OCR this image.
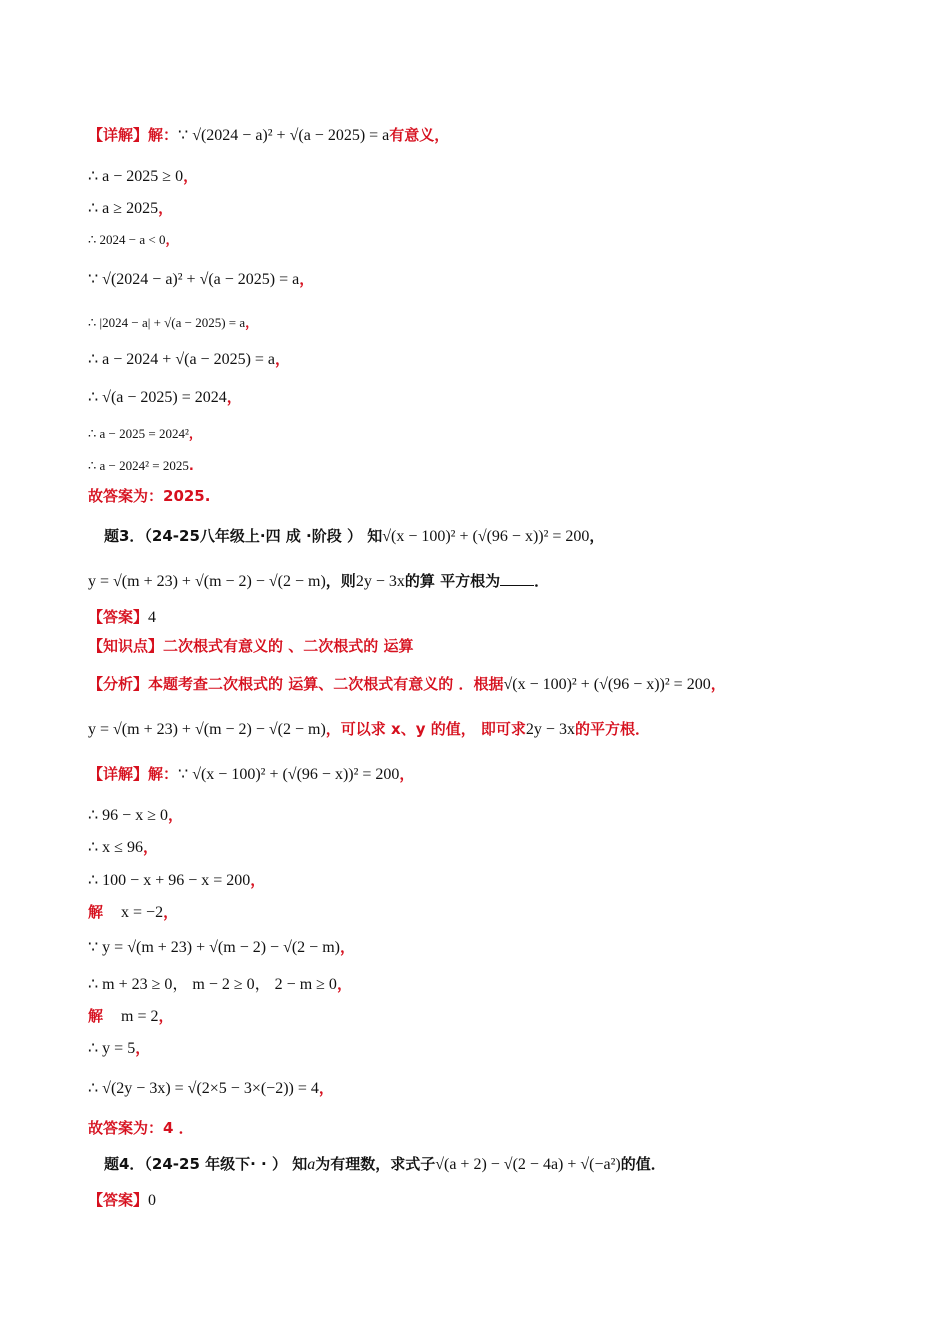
【详解】解：∵ √(2024 − a)² + √(a − 2025) = a有意义，
∴ a − 2025 ≥ 0，
∴ a ≥ 2025，
∴ 2024 − a < 0，
∵ √(2024 − a)² + √(a − 2025) = a，
∴ |2024 − a| + √(a − 2025) = a，
∴ a − 2024 + √(a − 2025) = a，
∴ √(a − 2025) = 2024，
∴ a − 2025 = 2024²，
∴ a − 2024² = 2025.
故答案为：2025.
题3．（24-25八年级上·四 成 ·阶段 ） 知√(x − 100)² + (√(96 − x))² = 200，
y = √(m + 23) + √(m − 2) − √(2 − m)，则2y − 3x的算 平方根为 ．
【答案】4
【知识点】二次根式有意义的 、二次根式的 运算
【分析】本题考查二次根式的 运算、二次根式有意义的 ．根据√(x − 100)² + (√(96 − x))² = 200，
y = √(m + 23) + √(m − 2) − √(2 − m)，可以求 x、y 的值， 即可求2y − 3x的平方根．
【详解】解：∵ √(x − 100)² + (√(96 − x))² = 200，
∴ 96 − x ≥ 0，
∴ x ≤ 96，
∴ 100 − x + 96 − x = 200，
解 x = −2，
∵ y = √(m + 23) + √(m − 2) − √(2 − m)，
∴ m + 23 ≥ 0， m − 2 ≥ 0， 2 − m ≥ 0，
解 m = 2，
∴ y = 5，
∴ √(2y − 3x) = √(2×5 − 3×(−2)) = 4，
故答案为：4 ．
题4．（24-25 年级下· · ） 知a为有理数，求式子√(a + 2) − √(2 − 4a) + √(−a²)的值．
【答案】0
